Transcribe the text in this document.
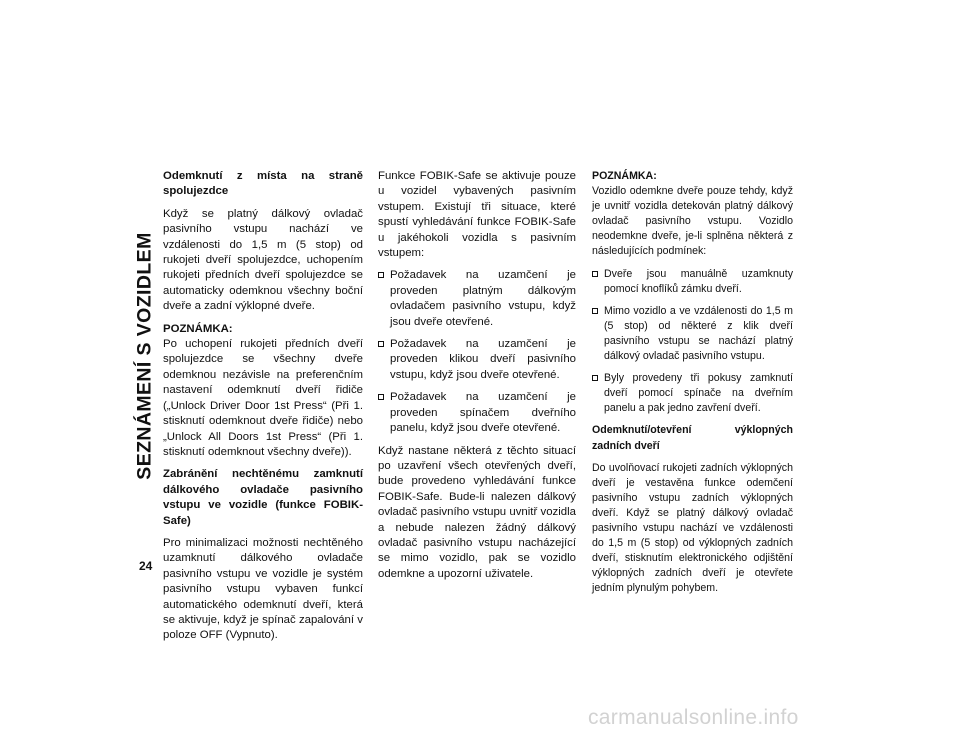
SEZNÁMENÍ S VOZIDLEM
24

Odemknutí z místa na straně spolujezdce

Když se platný dálkový ovladač pasivního vstupu nachází ve vzdálenosti do 1,5 m (5 stop) od rukojeti dveří spolujezdce, uchopením rukojeti předních dveří spolujezdce se automaticky odemknou všechny boční dveře a zadní výklopné dveře.

POZNÁMKA:

Po uchopení rukojeti předních dveří spolujezdce se všechny dveře odemknou nezávisle na preferenčním nastavení odemknutí dveří řidiče („Unlock Driver Door 1st Press“ (Při 1. stisknutí odemknout dveře řidiče) nebo „Unlock All Doors 1st Press“ (Při 1. stisknutí odemknout všechny dveře)).

Zabránění nechtěnému zamknutí dálkového ovladače pasivního vstupu ve vozidle (funkce FOBIK-Safe)

Pro minimalizaci možnosti nechtěného uzamknutí dálkového ovladače pasivního vstupu ve vozidle je systém pasivního vstupu vybaven funkcí automatického odemknutí dveří, která se aktivuje, když je spínač zapalování v poloze OFF (Vypnuto).

Funkce FOBIK-Safe se aktivuje pouze u vozidel vybavených pasivním vstupem. Existují tři situace, které spustí vyhledávání funkce FOBIK-Safe u jakéhokoli vozidla s pasivním vstupem:

Požadavek na uzamčení je proveden platným dálkovým ovladačem pasivního vstupu, když jsou dveře otevřené.
Požadavek na uzamčení je proveden klikou dveří pasivního vstupu, když jsou dveře otevřené.
Požadavek na uzamčení je proveden spínačem dveřního panelu, když jsou dveře otevřené.

Když nastane některá z těchto situací po uzavření všech otevřených dveří, bude provedeno vyhledávání funkce FOBIK-Safe. Bude-li nalezen dálkový ovladač pasivního vstupu uvnitř vozidla a nebude nalezen žádný dálkový ovladač pasivního vstupu nacházející se mimo vozidlo, pak se vozidlo odemkne a upozorní uživatele.

POZNÁMKA:

Vozidlo odemkne dveře pouze tehdy, když je uvnitř vozidla detekován platný dálkový ovladač pasivního vstupu. Vozidlo neodemkne dveře, je-li splněna některá z následujících podmínek:

Dveře jsou manuálně uzamknuty pomocí knoflíků zámku dveří.
Mimo vozidlo a ve vzdálenosti do 1,5 m (5 stop) od některé z klik dveří pasivního vstupu se nachází platný dálkový ovladač pasivního vstupu.
Byly provedeny tři pokusy zamknutí dveří pomocí spínače na dveřním panelu a pak jedno zavření dveří.

Odemknutí/otevření výklopných zadních dveří

Do uvolňovací rukojeti zadních výklopných dveří je vestavěna funkce odemčení pasivního vstupu zadních výklopných dveří. Když se platný dálkový ovladač pasivního vstupu nachází ve vzdálenosti do 1,5 m (5 stop) od výklopných zadních dveří, stisknutím elektronického odjištění výklopných zadních dveří je otevřete jedním plynulým pohybem.

carmanualsonline.info
